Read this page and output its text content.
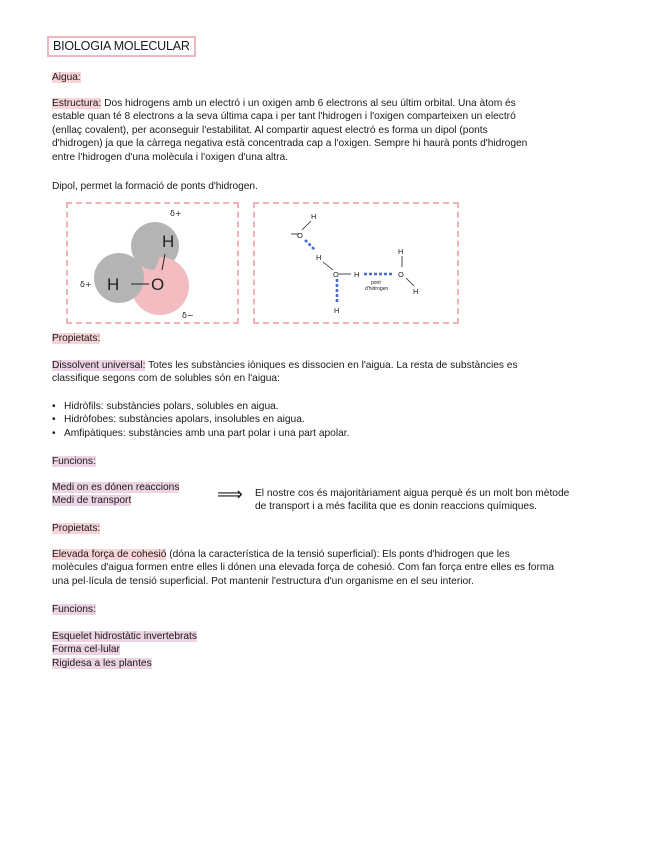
BIOLOGIA MOLECULAR
Aigua:
Estructura: Dos hidrogens amb un electró i un oxigen amb 6 electrons al seu últim orbital. Una àtom és
estable quan té 8 electrons a la seva última capa i per tant l'hidrogen i l'oxigen comparteixen un electró
(enllaç covalent), per aconseguir l'estabilitat. Al compartir aquest electró es forma un dipol (ponts
d'hidrogen) ja que la càrrega negativa està concentrada cap a l'oxigen. Sempre hi haurà ponts d'hidrogen
entre l'hidrogen d'una molècula i l'oxigen d'una altra.
Dipol, permet la formació de ponts d'hidrogen.
H
H O
δ+
δ+
δ−
O
H
H
O H
H
O
H
H
pont
d'hidrogen
Propietats:
Dissolvent universal: Totes les substàncies iòniques es dissocien en l'aigua. La resta de substàncies es
classifique segons com de solubles són en l'aigua:
• Hidròfils: substàncies polars, solubles en aigua.
• Hidròfobes: substàncies apolars, insolubles en aigua.
• Amfipàtiques: substàncies amb una part polar i una part apolar.
Funcions:
Medi on es dónen reaccions
Medi de transport	⟹ El nostre cos és majoritàriament aigua perquè és un molt bon mètode
de transport i a més facilita que es donin reaccions químiques.
Propietats:
Elevada força de cohesió (dóna la característica de la tensió superficial): Els ponts d'hidrogen que les
molècules d'aigua formen entre elles li dónen una elevada força de cohesió. Com fan força entre elles es forma
una pel·lícula de tensió superficial. Pot mantenir l'estructura d'un organisme en el seu interior.
Funcions:
Esquelet hidrostàtic invertebrats
Forma cel·lular
Rigidesa a les plantes
